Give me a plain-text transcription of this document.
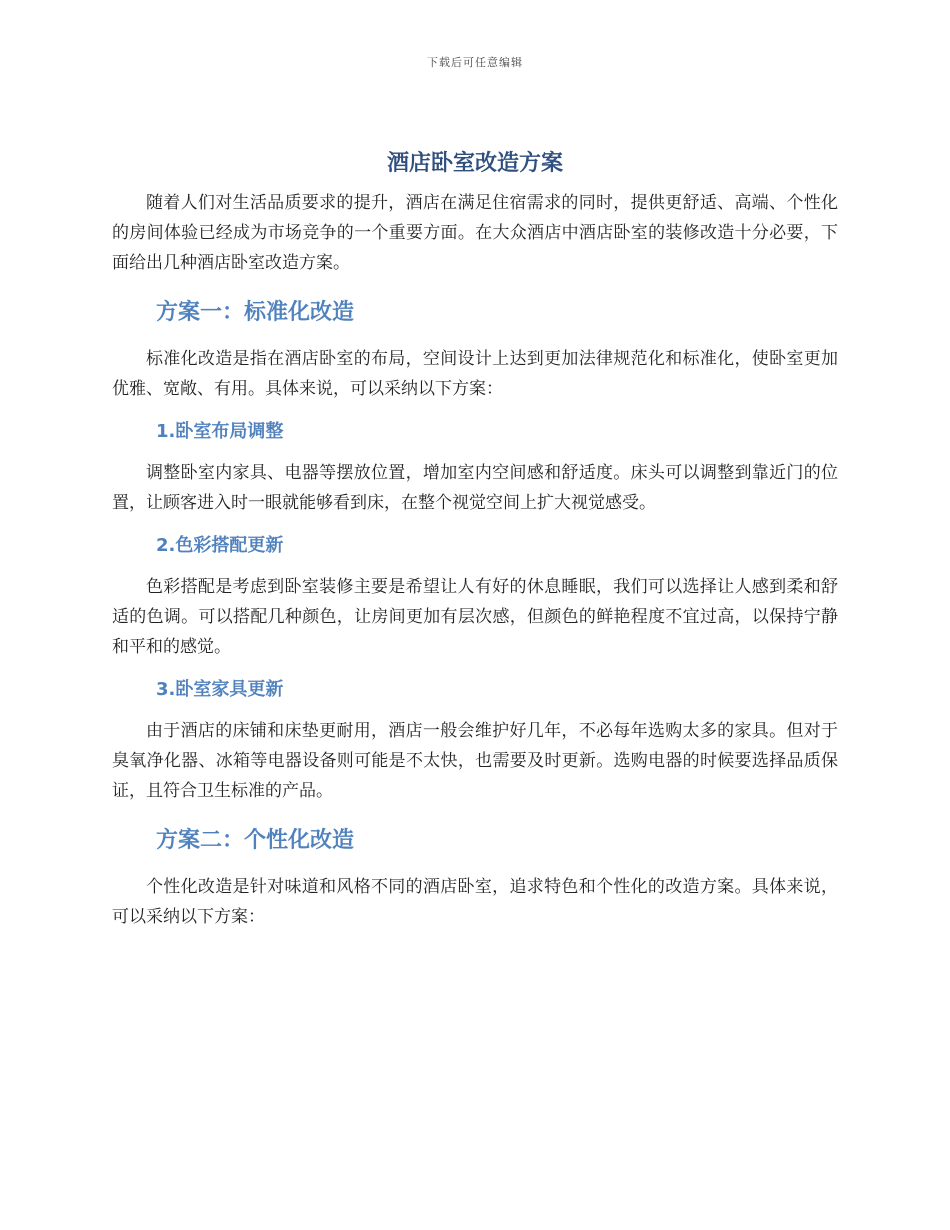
下载后可任意编辑
酒店卧室改造方案

随着人们对生活品质要求的提升，酒店在满足住宿需求的同时，提供更舒适、高端、个性化的房间体验已经成为市场竞争的一个重要方面。在大众酒店中酒店卧室的装修改造十分必要，下面给出几种酒店卧室改造方案。

方案一：标准化改造

标准化改造是指在酒店卧室的布局，空间设计上达到更加法律规范化和标准化，使卧室更加优雅、宽敞、有用。具体来说，可以采纳以下方案：

1.卧室布局调整

调整卧室内家具、电器等摆放位置，增加室内空间感和舒适度。床头可以调整到靠近门的位置，让顾客进入时一眼就能够看到床，在整个视觉空间上扩大视觉感受。

2.色彩搭配更新

色彩搭配是考虑到卧室装修主要是希望让人有好的休息睡眠，我们可以选择让人感到柔和舒适的色调。可以搭配几种颜色，让房间更加有层次感，但颜色的鲜艳程度不宜过高，以保持宁静和平和的感觉。

3.卧室家具更新

由于酒店的床铺和床垫更耐用，酒店一般会维护好几年，不必每年选购太多的家具。但对于臭氧净化器、冰箱等电器设备则可能是不太快，也需要及时更新。选购电器的时候要选择品质保证，且符合卫生标准的产品。

方案二：个性化改造

个性化改造是针对味道和风格不同的酒店卧室，追求特色和个性化的改造方案。具体来说，可以采纳以下方案：
